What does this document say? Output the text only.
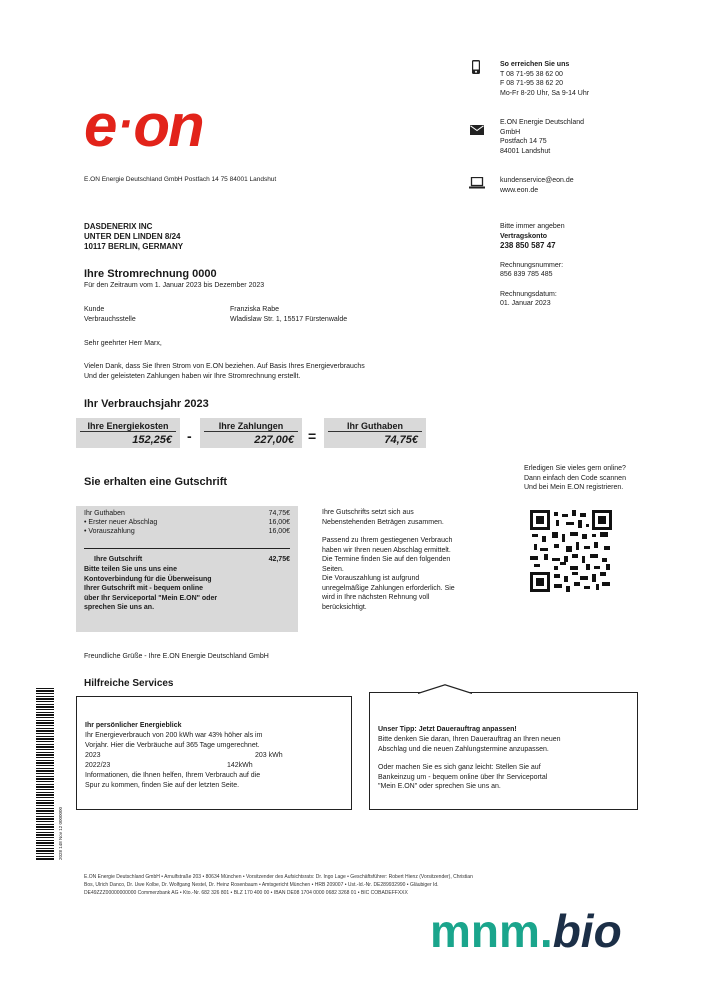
e·on
So erreichen Sie uns
T 08 71-95 38 62 00
F 08 71-95 38 62 20
Mo-Fr 8-20 Uhr, Sa 9-14 Uhr
E.ON Energie Deutschland
GmbH
Postfach 14 75
84001 Landshut
kundenservice@eon.de
www.eon.de
E.ON Energie Deutschland GmbH Postfach 14 75 84001 Landshut
DASDENERIX INC
UNTER DEN LINDEN 8/24
10117 BERLIN, GERMANY
Bitte immer angeben
Vertragskonto
238 850 587 47
Rechnungsnummer:
856 839 785 485
Rechnungsdatum:
01. Januar 2023
Ihre Stromrechnung 0000
Für den Zeitraum vom 1. Januar 2023 bis Dezember 2023
Kunde	Franziska Rabe
Verbrauchsstelle	Wladislaw Str. 1, 15517 Fürstenwalde
Sehr geehrter Herr Marx,
Vielen Dank, dass Sie Ihren Strom von E.ON beziehen. Auf Basis Ihres Energieverbrauchs
Und der geleisteten Zahlungen haben wir Ihre Stromrechnung erstellt.
Ihr Verbrauchsjahr 2023
Ihre Energiekosten
152,25€ -
Ihre Zahlungen
227,00€ =
Ihr Guthaben
74,75€
Sie erhalten eine Gutschrift
Ihr Guthaben	74,75€
• Erster neuer Abschlag	16,00€
• Vorauszahlung	16,00€
Ihre Gutschrift	42,75€
Bitte teilen Sie uns uns eine
Kontoverbindung für die Überweisung
Ihrer Gutschrift mit - bequem online
über Ihr Serviceportal "Mein E.ON" oder
sprechen Sie uns an.
Ihre Gutschrifts setzt sich aus
Nebenstehenden Beträgen zusammen.
Passend zu Ihrem gestiegenen Verbrauch
haben wir Ihren neuen Abschlag ermittelt.
Die Termine finden Sie auf den folgenden
Seiten.
Die Vorauszahlung ist aufgrund
unregelmäßige Zahlungen erforderlich. Sie
wird in Ihre nächsten Rehnung voll
berücksichtigt.
Erledigen Sie vieles gern online?
Dann einfach den Code scannen
Und bei Mein E.ON registrieren.
Freundliche Grüße - Ihre E.ON Energie Deutschland GmbH
Hilfreiche Services
Ihr persönlicher Energieblick
Ihr Energieverbrauch von 200 kWh war 43% höher als im
Vorjahr. Hier die Verbräuche auf 365 Tage umgerechnet.
2023	203 kWh
2022/23	142kWh
Informationen, die Ihnen helfen, Ihrem Verbrauch auf die
Spur zu kommen, finden Sie auf der letzten Seite.
Unser Tipp: Jetzt Dauerauftrag anpassen!
Bitte denken Sie daran, Ihren Dauerauftrag an Ihren neuen
Abschlag und die neuen Zahlungstermine anzupassen.
Oder machen Sie es sich ganz leicht: Stellen Sie auf
Bankeinzug um - bequem online über Ihr Serviceportal
"Mein E.ON" oder sprechen Sie uns an.
2028 148 Nov 12 0000000
E.ON Energie Deutschland GmbH • Arnulfstraße 203 • 80634 München • Vorsitzender des Aufsichtsrats: Dr. Ingo Lage • Geschäftsführer: Robert Hienz (Vorsitzender), Christian
Bos, Ulrich Danco, Dr. Uwe Kolbe, Dr. Wolfgang Nestel, Dr. Heinz Rosenbaum • Amtsgericht München • HRB 209007 • Ust.-Id.-Nr. DE289932990 • Gläubiger Id.
DE49ZZZ00000000000 Commerzbank AG • Kto.-Nr. 682 326 801 • BLZ 170 400 00 • IBAN DE08 1704 0000 0682 3268 01 • BIC COBADEFFXXX
mnm.bio
